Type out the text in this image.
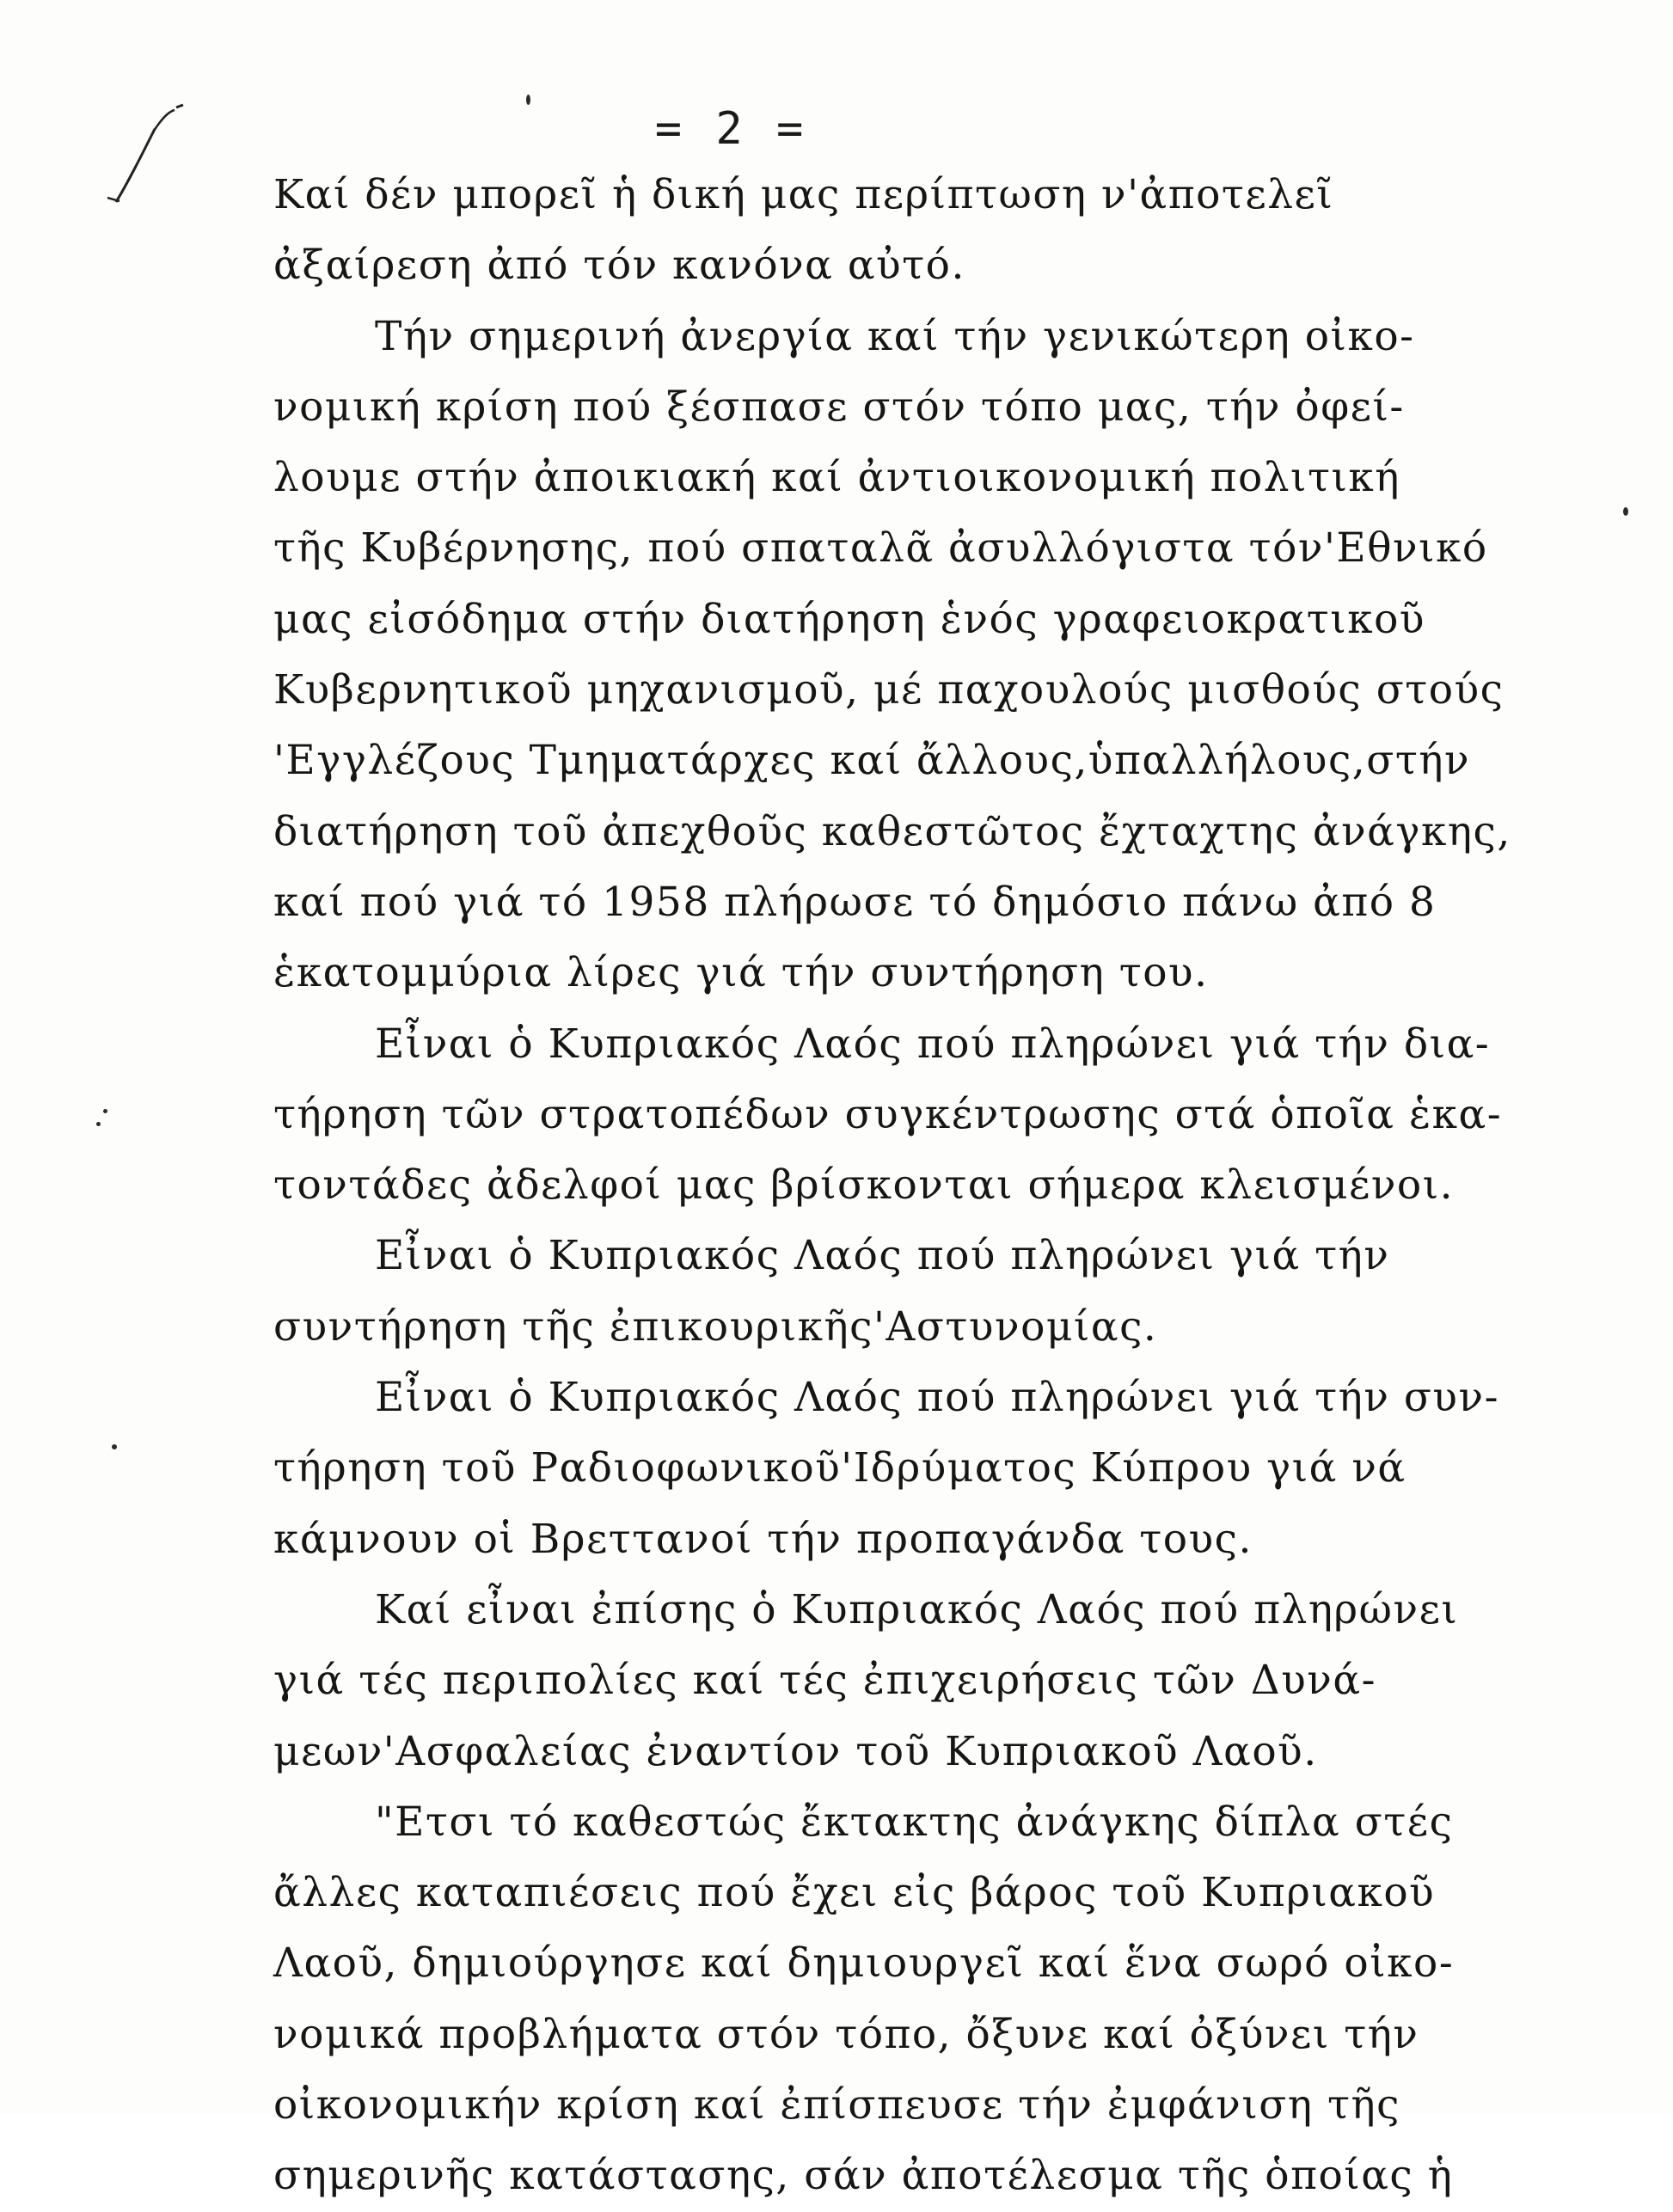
= 2 =
Καί δέν μπορεῖ ἡ δική μας περίπτωση ν'ἀποτελεῖ
ἀξαίρεση ἀπό τόν κανόνα αὐτό.
Τήν σημερινή ἀνεργία καί τήν γενικώτερη οἰκο-
νομική κρίση πού ξέσπασε στόν τόπο μας, τήν ὀφεί-
λουμε στήν ἀποικιακή καί ἀντιοικονομική πολιτική
τῆς Κυβέρνησης, πού σπαταλᾶ ἀσυλλόγιστα τόν'Εθνικό
μας εἰσόδημα στήν διατήρηση ἑνός γραφειοκρατικοῦ
Κυβερνητικοῦ μηχανισμοῦ, μέ παχουλούς μισθούς στούς
'Εγγλέζους Τμηματάρχες καί ἄλλους,ὑπαλλήλους,στήν
διατήρηση τοῦ ἀπεχθοῦς καθεστῶτος ἔχταχτης ἀνάγκης,
καί πού γιά τό 1958 πλήρωσε τό δημόσιο πάνω ἀπό 8
ἑκατομμύρια λίρες γιά τήν συντήρηση του.
Εἶναι ὁ Κυπριακός Λαός πού πληρώνει γιά τήν δια-
τήρηση τῶν στρατοπέδων συγκέντρωσης στά ὁποῖα ἑκα-
τοντάδες ἀδελφοί μας βρίσκονται σήμερα κλεισμένοι.
Εἶναι ὁ Κυπριακός Λαός πού πληρώνει γιά τήν
συντήρηση τῆς ἐπικουρικῆς'Αστυνομίας.
Εἶναι ὁ Κυπριακός Λαός πού πληρώνει γιά τήν συν-
τήρηση τοῦ Ραδιοφωνικοῦ'Ιδρύματος Κύπρου γιά νά
κάμνουν οἱ Βρεττανοί τήν προπαγάνδα τους.
Καί εἶναι ἐπίσης ὁ Κυπριακός Λαός πού πληρώνει
γιά τές περιπολίες καί τές ἐπιχειρήσεις τῶν Δυνά-
μεων'Ασφαλείας ἐναντίον τοῦ Κυπριακοῦ Λαοῦ.
"Ετσι τό καθεστώς ἔκτακτης ἀνάγκης δίπλα στές
ἄλλες καταπιέσεις πού ἔχει εἰς βάρος τοῦ Κυπριακοῦ
Λαοῦ, δημιούργησε καί δημιουργεῖ καί ἕνα σωρό οἰκο-
νομικά προβλήματα στόν τόπο, ὄξυνε καί ὀξύνει τήν
οἰκονομικήν κρίση καί ἐπίσπευσε τήν ἐμφάνιση τῆς
σημερινῆς κατάστασης, σάν ἀποτέλεσμα τῆς ὁποίας ἡ
